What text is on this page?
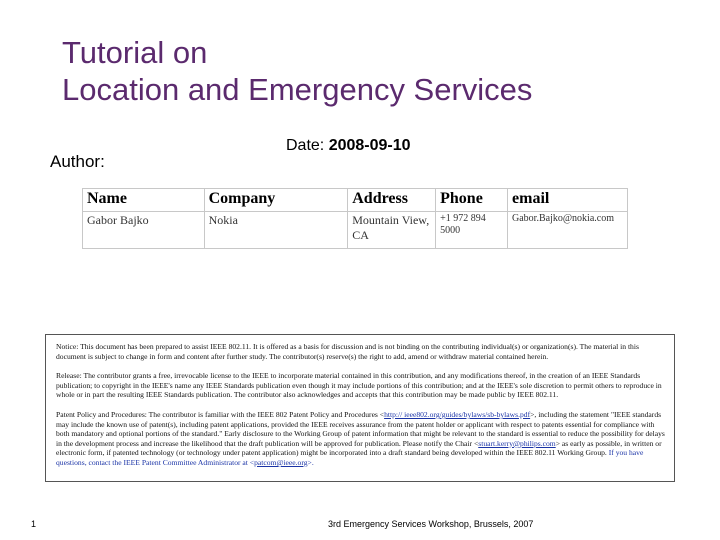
Tutorial on
Location and Emergency Services
Date: 2008-09-10
Author:
Name	Company	Address	Phone	email
Gabor Bajko	Nokia	Mountain View, CA	+1 972 894 5000	Gabor.Bajko@nokia.com

Notice: This document has been prepared to assist IEEE 802.11. It is offered as a basis for discussion and is not binding on the contributing individual(s) or organization(s). The material in this document is subject to change in form and content after further study. The contributor(s) reserve(s) the right to add, amend or withdraw material contained herein.

Release: The contributor grants a free, irrevocable license to the IEEE to incorporate material contained in this contribution, and any modifications thereof, in the creation of an IEEE Standards publication; to copyright in the IEEE's name any IEEE Standards publication even though it may include portions of this contribution; and at the IEEE's sole discretion to permit others to reproduce in whole or in part the resulting IEEE Standards publication. The contributor also acknowledges and accepts that this contribution may be made public by IEEE 802.11.

Patent Policy and Procedures: The contributor is familiar with the IEEE 802 Patent Policy and Procedures <http:// ieee802.org/guides/bylaws/sb-bylaws.pdf>, including the statement "IEEE standards may include the known use of patent(s), including patent applications, provided the IEEE receives assurance from the patent holder or applicant with respect to patents essential for compliance with both mandatory and optional portions of the standard." Early disclosure to the Working Group of patent information that might be relevant to the standard is essential to reduce the possibility for delays in the development process and increase the likelihood that the draft publication will be approved for publication. Please notify the Chair <stuart.kerry@philips.com> as early as possible, in written or electronic form, if patented technology (or technology under patent application) might be incorporated into a draft standard being developed within the IEEE 802.11 Working Group. If you have questions, contact the IEEE Patent Committee Administrator at <patcom@ieee.org>.

1	3rd Emergency Services Workshop, Brussels, 2007
